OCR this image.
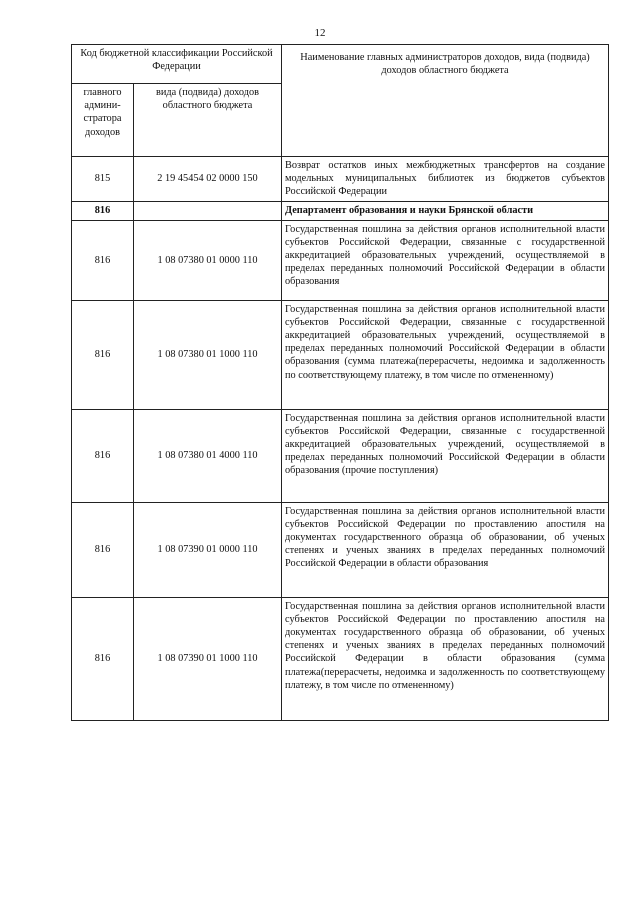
12
Код бюджетной классификации Российской Федерации		Наименование главных администраторов доходов, вида (подвида) доходов областного бюджета
главного админи-стратора доходов	вида (подвида) доходов областного бюджета	
815	2 19 45454 02 0000 150	Возврат остатков иных межбюджетных трансфертов на создание модельных муниципальных библиотек из бюджетов субъектов Российской Федерации
816		Департамент образования и науки Брянской области
816	1 08 07380 01 0000 110	Государственная пошлина за действия органов исполнительной власти субъектов Российской Федерации, связанные с государственной аккредитацией образовательных учреждений, осуществляемой в пределах переданных полномочий Российской Федерации в области образования
816	1 08 07380 01 1000 110	Государственная пошлина за действия органов исполнительной власти субъектов Российской Федерации, связанные с государственной аккредитацией образовательных учреждений, осуществляемой в пределах переданных полномочий Российской Федерации в области образования (сумма платежа(перерасчеты, недоимка и задолженность по соответствующему платежу, в том числе по отмененному)
816	1 08 07380 01 4000 110	Государственная пошлина за действия органов исполнительной власти субъектов Российской Федерации, связанные с государственной аккредитацией образовательных учреждений, осуществляемой в пределах переданных полномочий Российской Федерации в области образования (прочие поступления)
816	1 08 07390 01 0000 110	Государственная пошлина за действия органов исполнительной власти субъектов Российской Федерации по проставлению апостиля на документах государственного образца об образовании, об ученых степенях и ученых званиях в пределах переданных полномочий Российской Федерации в области образования
816	1 08 07390 01 1000 110	Государственная пошлина за действия органов исполнительной власти субъектов Российской Федерации по проставлению апостиля на документах государственного образца об образовании, об ученых степенях и ученых званиях в пределах переданных полномочий Российской Федерации в области образования (сумма платежа(перерасчеты, недоимка и задолженность по соответствующему платежу, в том числе по отмененному)
